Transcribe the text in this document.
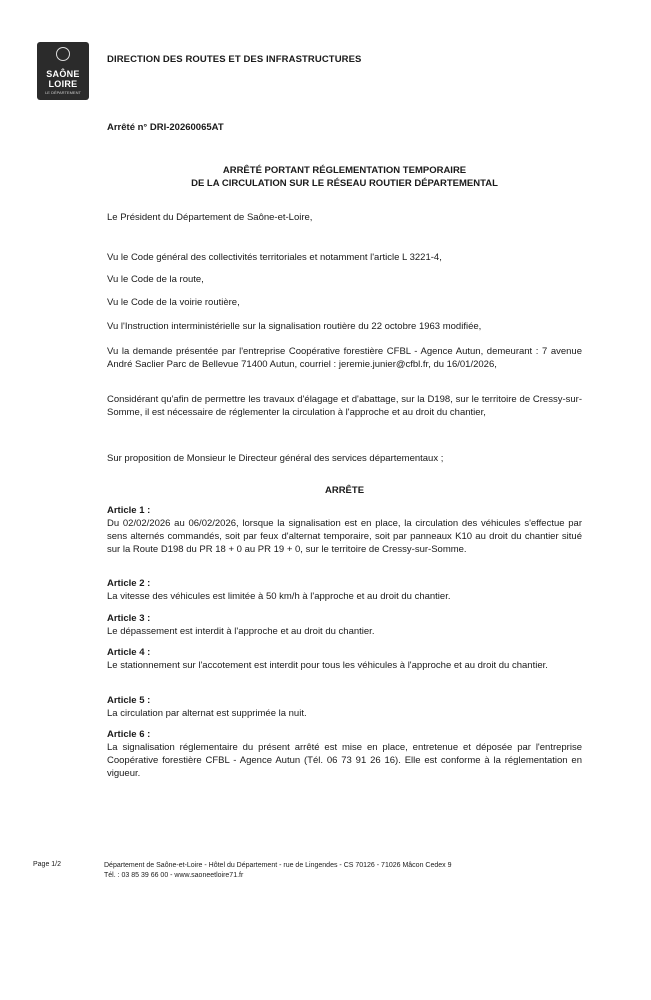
SAÔNE
LOIRE
LE DÉPARTEMENT
DIRECTION DES ROUTES ET DES INFRASTRUCTURES
Arrêté n° DRI-20260065AT
ARRÊTÉ PORTANT RÉGLEMENTATION TEMPORAIRE
DE LA CIRCULATION SUR LE RÉSEAU ROUTIER DÉPARTEMENTAL
Le Président du Département de Saône-et-Loire,
Vu le Code général des collectivités territoriales et notamment l'article L 3221-4,
Vu le Code de la route,
Vu le Code de la voirie routière,
Vu l'Instruction interministérielle sur la signalisation routière du 22 octobre 1963 modifiée,
Vu la demande présentée par l'entreprise Coopérative forestière CFBL - Agence Autun, demeurant : 7 avenue André Saclier Parc de Bellevue 71400 Autun, courriel : jeremie.junier@cfbl.fr, du 16/01/2026,
Considérant qu'afin de permettre les travaux d'élagage et d'abattage, sur la D198, sur le territoire de Cressy-sur-Somme, il est nécessaire de réglementer la circulation à l'approche et au droit du chantier,
Sur proposition de Monsieur le Directeur général des services départementaux ;
ARRÊTE
Article 1 :
Du 02/02/2026 au 06/02/2026, lorsque la signalisation est en place, la circulation des véhicules s'effectue par sens alternés commandés, soit par feux d'alternat temporaire, soit par panneaux K10 au droit du chantier situé sur la Route D198 du PR 18 + 0 au PR 19 + 0, sur le territoire de Cressy-sur-Somme.
Article 2 :
La vitesse des véhicules est limitée à 50 km/h à l'approche et au droit du chantier.
Article 3 :
Le dépassement est interdit à l'approche et au droit du chantier.
Article 4 :
Le stationnement sur l'accotement est interdit pour tous les véhicules à l'approche et au droit du chantier.
Article 5 :
La circulation par alternat est supprimée la nuit.
Article 6 :
La signalisation réglementaire du présent arrêté est mise en place, entretenue et déposée par l'entreprise Coopérative forestière CFBL - Agence Autun (Tél. 06 73 91 26 16). Elle est conforme à la réglementation en vigueur.
Page 1/2	Département de Saône-et-Loire - Hôtel du Département - rue de Lingendes - CS 70126 - 71026 Mâcon Cedex 9
Tél. : 03 85 39 66 00 - www.saoneetloire71.fr
